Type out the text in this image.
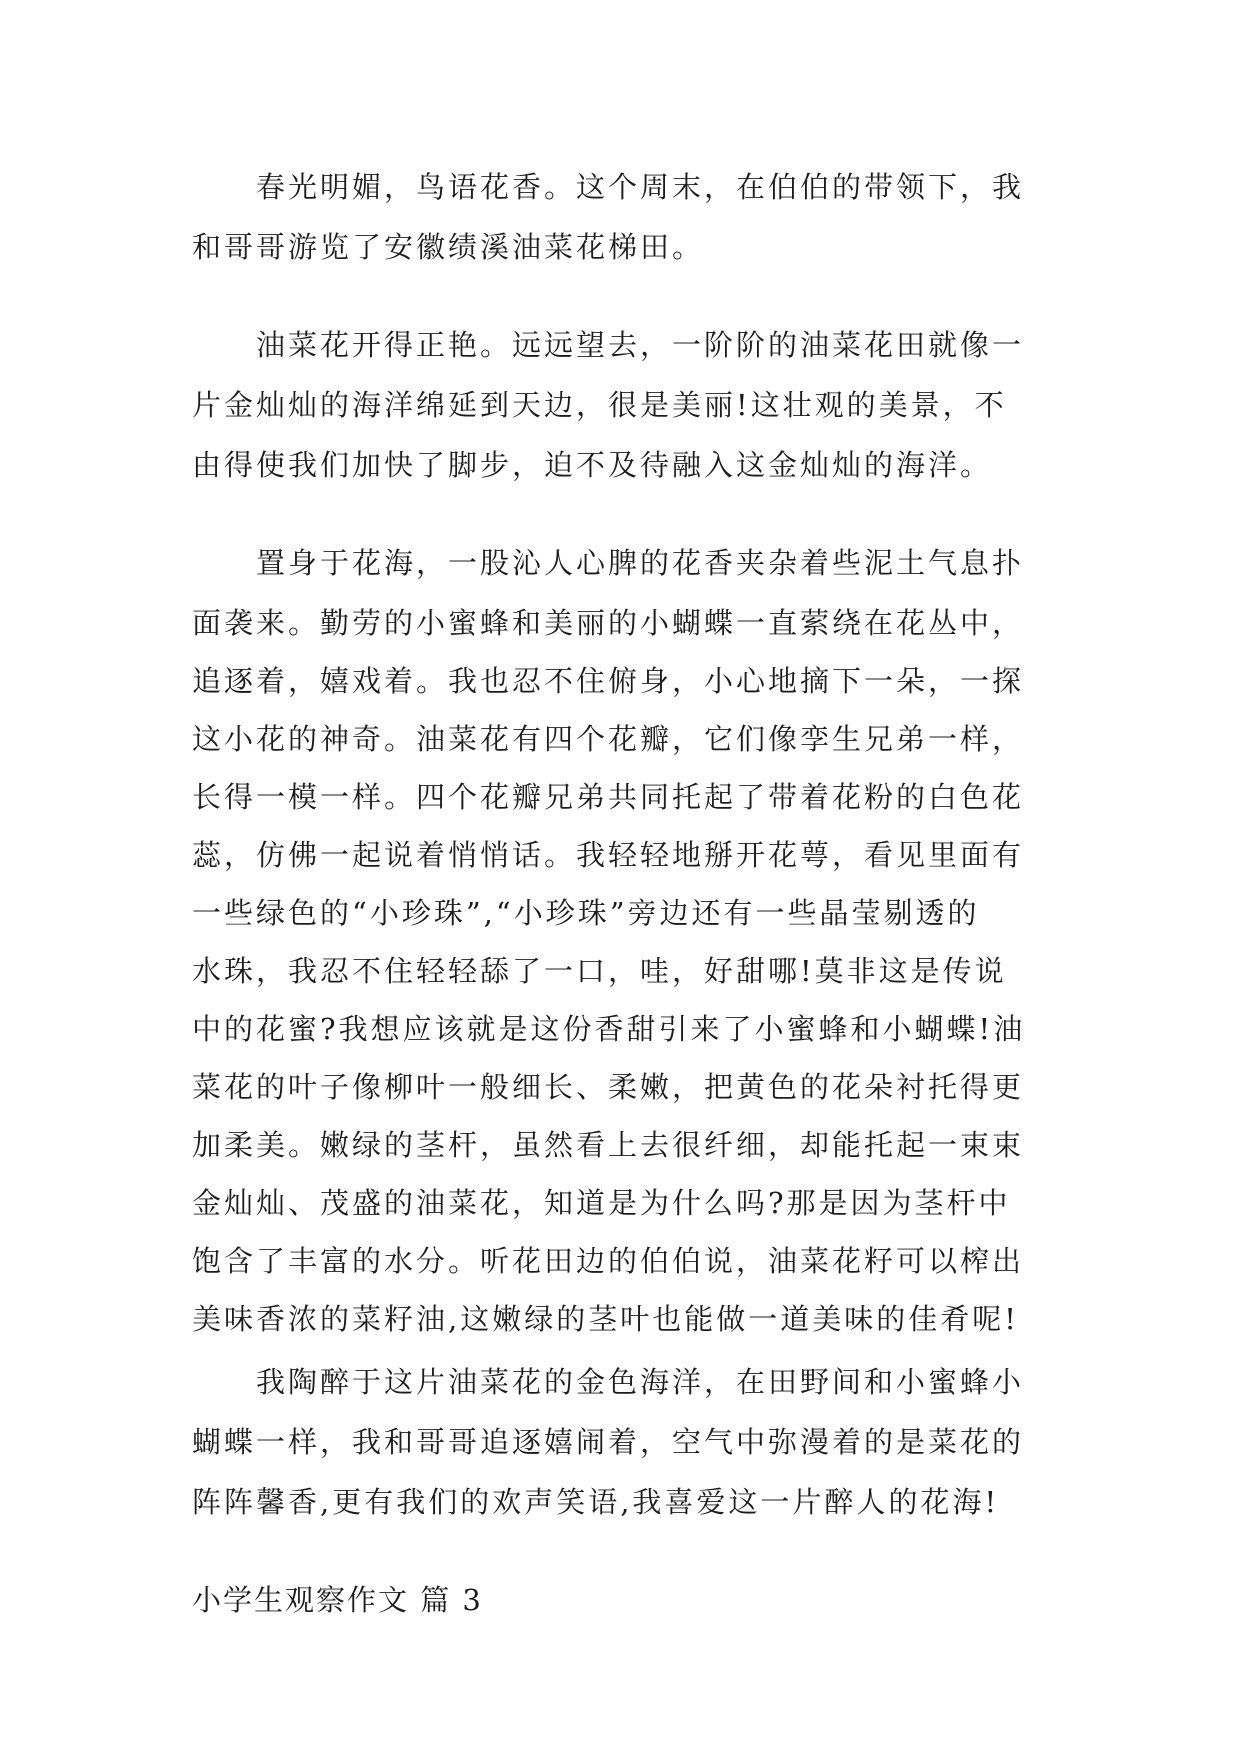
春光明媚，鸟语花香。这个周末，在伯伯的带领下，我
和哥哥游览了安徽绩溪油菜花梯田。
油菜花开得正艳。远远望去，一阶阶的油菜花田就像一
片金灿灿的海洋绵延到天边，很是美丽!这壮观的美景，不
由得使我们加快了脚步，迫不及待融入这金灿灿的海洋。
置身于花海，一股沁人心脾的花香夹杂着些泥土气息扑
面袭来。勤劳的小蜜蜂和美丽的小蝴蝶一直萦绕在花丛中，
追逐着，嬉戏着。我也忍不住俯身，小心地摘下一朵，一探
这小花的神奇。油菜花有四个花瓣，它们像孪生兄弟一样，
长得一模一样。四个花瓣兄弟共同托起了带着花粉的白色花
蕊，仿佛一起说着悄悄话。我轻轻地掰开花萼，看见里面有
一些绿色的“小珍珠”,“小珍珠”旁边还有一些晶莹剔透的
水珠，我忍不住轻轻舔了一口，哇，好甜哪!莫非这是传说
中的花蜜?我想应该就是这份香甜引来了小蜜蜂和小蝴蝶!油
菜花的叶子像柳叶一般细长、柔嫩，把黄色的花朵衬托得更
加柔美。嫩绿的茎杆，虽然看上去很纤细，却能托起一束束
金灿灿、茂盛的油菜花，知道是为什么吗?那是因为茎杆中
饱含了丰富的水分。听花田边的伯伯说，油菜花籽可以榨出
美味香浓的菜籽油,这嫩绿的茎叶也能做一道美味的佳肴呢!
我陶醉于这片油菜花的金色海洋，在田野间和小蜜蜂小
蝴蝶一样，我和哥哥追逐嬉闹着，空气中弥漫着的是菜花的
阵阵馨香,更有我们的欢声笑语,我喜爱这一片醉人的花海!
小学生观察作文 篇 3
